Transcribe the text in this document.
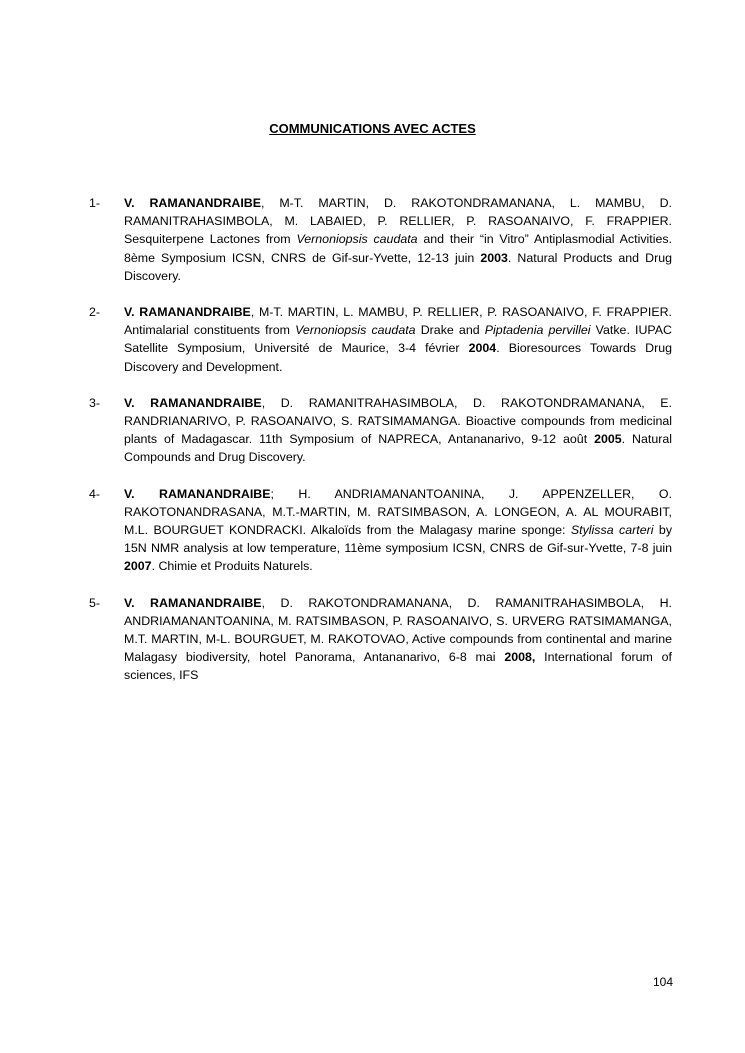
COMMUNICATIONS AVEC ACTES
1-	V. RAMANANDRAIBE, M-T. MARTIN, D. RAKOTONDRAMANANA, L. MAMBU, D. RAMANITRAHASIMBOLA, M. LABAIED, P. RELLIER, P. RASOANAIVO, F. FRAPPIER. Sesquiterpene Lactones from Vernoniopsis caudata and their “in Vitro” Antiplasmodial Activities. 8ème Symposium ICSN, CNRS de Gif-sur-Yvette, 12-13 juin 2003. Natural Products and Drug Discovery.
2-	V. RAMANANDRAIBE, M-T. MARTIN, L. MAMBU, P. RELLIER, P. RASOANAIVO, F. FRAPPIER. Antimalarial constituents from Vernoniopsis caudata Drake and Piptadenia pervillei Vatke. IUPAC Satellite Symposium, Université de Maurice, 3-4 février 2004. Bioresources Towards Drug Discovery and Development.
3-	V. RAMANANDRAIBE, D. RAMANITRAHASIMBOLA, D. RAKOTONDRAMANANA, E. RANDRIANARIVO, P. RASOANAIVO, S. RATSIMAMANGA. Bioactive compounds from medicinal plants of Madagascar. 11th Symposium of NAPRECA, Antananarivo, 9-12 août 2005. Natural Compounds and Drug Discovery.
4-	V. RAMANANDRAIBE; H. ANDRIAMANANTOANINA, J. APPENZELLER, O. RAKOTONANDRASANA, M.T.-MARTIN, M. RATSIMBASON, A. LONGEON, A. AL MOURABIT, M.L. BOURGUET KONDRACKI. Alkaloïds from the Malagasy marine sponge: Stylissa carteri by 15N NMR analysis at low temperature, 11ème symposium ICSN, CNRS de Gif-sur-Yvette, 7-8 juin 2007. Chimie et Produits Naturels.
5-	V. RAMANANDRAIBE, D. RAKOTONDRAMANANA, D. RAMANITRAHASIMBOLA, H. ANDRIAMANANTOANINA, M. RATSIMBASON, P. RASOANAIVO, S. URVERG RATSIMAMANGA, M.T. MARTIN, M-L. BOURGUET, M. RAKOTOVAO, Active compounds from continental and marine Malagasy biodiversity, hotel Panorama, Antananarivo, 6-8 mai 2008, International forum of sciences, IFS
104
